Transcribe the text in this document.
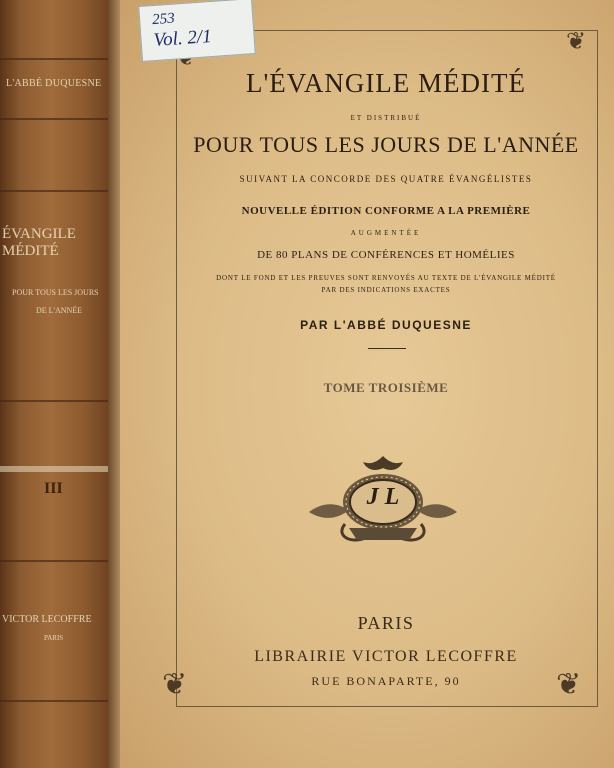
L'ABBÉ DUQUESNE
ÉVANGILE MÉDITÉ
POUR TOUS LES JOURS
DE L'ANNÉE
III
VICTOR LECOFFRE
PARIS
❦
❦	❦
253
Vol. 2/1
L'ÉVANGILE MÉDITÉ
ET DISTRIBUÉ
POUR TOUS LES JOURS DE L'ANNÉE
SUIVANT LA CONCORDE DES QUATRE ÉVANGÉLISTES
NOUVELLE ÉDITION CONFORME A LA PREMIÈRE
AUGMENTÉE
DE 80 PLANS DE CONFÉRENCES ET HOMÉLIES
DONT LE FOND ET LES PREUVES SONT RENVOYÉS AU TEXTE DE L'ÉVANGILE MÉDITÉ
PAR DES INDICATIONS EXACTES
PAR L'ABBÉ DUQUESNE
TOME TROISIÈME
J L
PARIS
LIBRAIRIE VICTOR LECOFFRE
RUE BONAPARTE, 90
